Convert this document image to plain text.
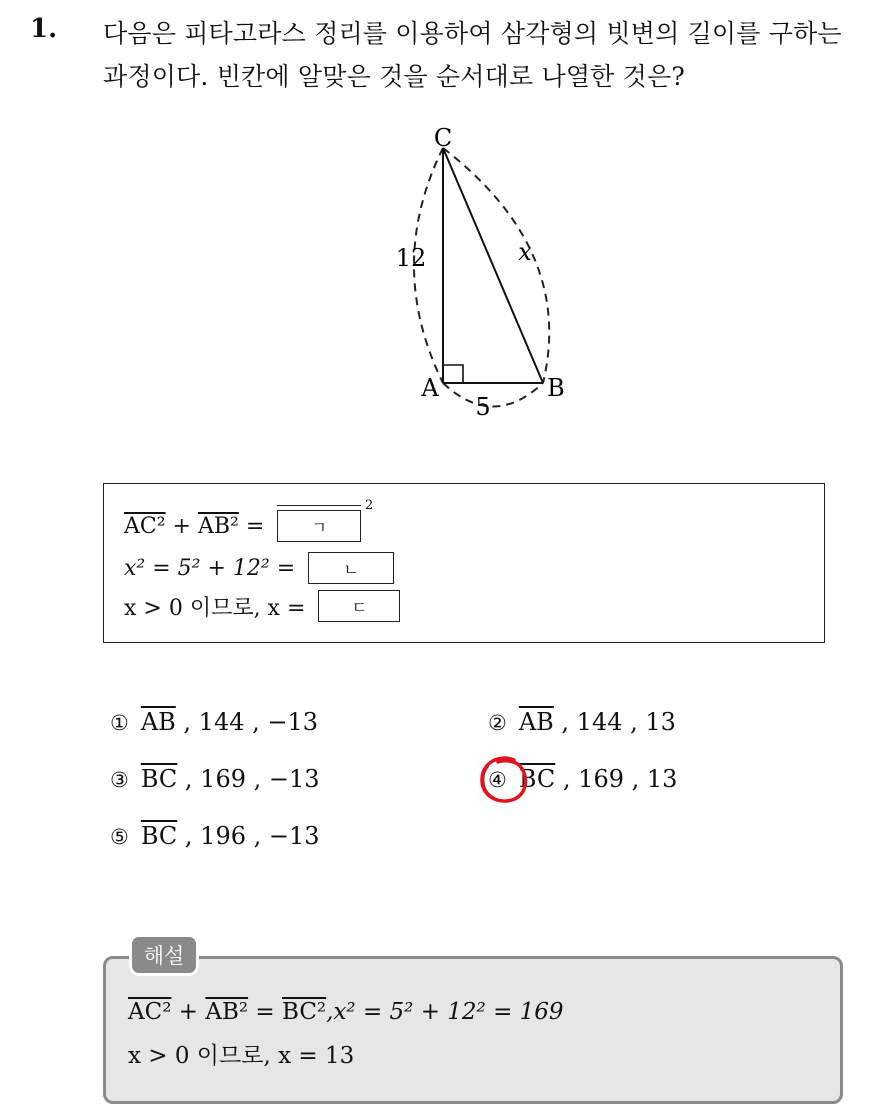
1. 다음은 피타고라스 정리를 이용하여 삼각형의 빗변의 길이를 구하는
과정이다. 빈칸에 알맞은 것을 순서대로 나열한 것은?
C
A	B
12
5
x
AC² + AB² =	ㄱ
2
x² = 5² + 12² =	ㄴ
x > 0 이므로, x =	ㄷ
① $\overline{AB}$ , 144 , −13	② $\overline{AB}$ , 144 , 13
③ $\overline{BC}$ , 169 , −13	④ $\overline{BC}$ , 169 , 13
⑤ $\overline{BC}$ , 196 , −13
AC² + AB² = BC²,x² = 5² + 12² = 169
x > 0 이므로, x = 13
해설
